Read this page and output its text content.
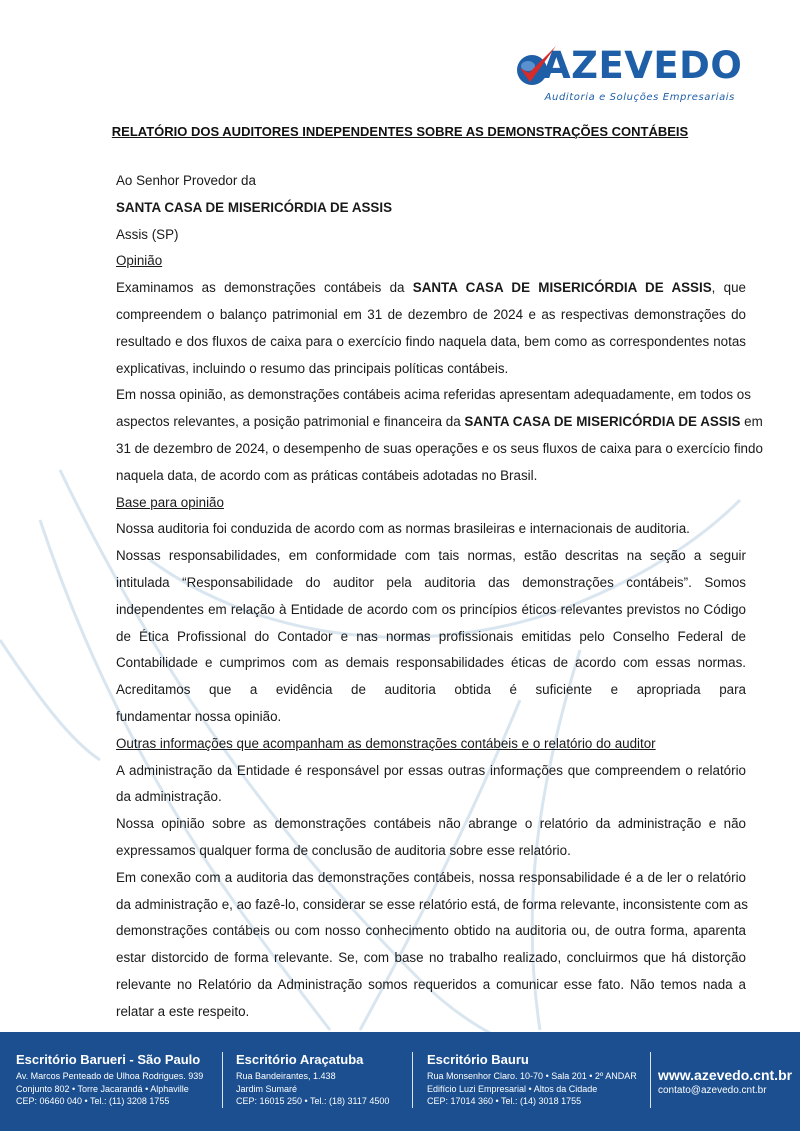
AZEVEDO
Auditoria e Soluções Empresariais
RELATÓRIO DOS AUDITORES INDEPENDENTES SOBRE AS DEMONSTRAÇÕES CONTÁBEIS
Ao Senhor Provedor da
SANTA CASA DE MISERICÓRDIA DE ASSIS
Assis (SP)
Opinião
Examinamos as demonstrações contábeis da SANTA CASA DE MISERICÓRDIA DE ASSIS, que
compreendem o balanço patrimonial em 31 de dezembro de 2024 e as respectivas demonstrações do
resultado e dos fluxos de caixa para o exercício findo naquela data, bem como as correspondentes notas
explicativas, incluindo o resumo das principais políticas contábeis.
Em nossa opinião, as demonstrações contábeis acima referidas apresentam adequadamente, em todos os
aspectos relevantes, a posição patrimonial e financeira da SANTA CASA DE MISERICÓRDIA DE ASSIS em
31 de dezembro de 2024, o desempenho de suas operações e os seus fluxos de caixa para o exercício findo
naquela data, de acordo com as práticas contábeis adotadas no Brasil.
Base para opinião
Nossa auditoria foi conduzida de acordo com as normas brasileiras e internacionais de auditoria.
Nossas responsabilidades, em conformidade com tais normas, estão descritas na seção a seguir
intitulada “Responsabilidade do auditor pela auditoria das demonstrações contábeis”. Somos
independentes em relação à Entidade de acordo com os princípios éticos relevantes previstos no Código
de Ética Profissional do Contador e nas normas profissionais emitidas pelo Conselho Federal de
Contabilidade e cumprimos com as demais responsabilidades éticas de acordo com essas normas.
Acreditamos que a evidência de auditoria obtida é suficiente e apropriada para
fundamentar nossa opinião.
Outras informações que acompanham as demonstrações contábeis e o relatório do auditor
A administração da Entidade é responsável por essas outras informações que compreendem o relatório
da administração.
Nossa opinião sobre as demonstrações contábeis não abrange o relatório da administração e não
expressamos qualquer forma de conclusão de auditoria sobre esse relatório.
Em conexão com a auditoria das demonstrações contábeis, nossa responsabilidade é a de ler o relatório
da administração e, ao fazê-lo, considerar se esse relatório está, de forma relevante, inconsistente com as
demonstrações contábeis ou com nosso conhecimento obtido na auditoria ou, de outra forma, aparenta
estar distorcido de forma relevante. Se, com base no trabalho realizado, concluirmos que há distorção
relevante no Relatório da Administração somos requeridos a comunicar esse fato. Não temos nada a
relatar a este respeito.
Escritório Barueri - São Paulo
Av. Marcos Penteado de Ulhoa Rodrigues. 939
Conjunto 802 • Torre Jacarandá • Alphaville
CEP: 06460 040 • Tel.: (11) 3208 1755
Escritório Araçatuba
Rua Bandeirantes, 1.438
Jardim Sumaré
CEP: 16015 250 • Tel.: (18) 3117 4500
Escritório Bauru
Rua Monsenhor Claro. 10-70 • Sala 201 • 2º ANDAR
Edifício Luzi Empresarial • Altos da Cidade
CEP: 17014 360 • Tel.: (14) 3018 1755
www.azevedo.cnt.br
contato@azevedo.cnt.br
